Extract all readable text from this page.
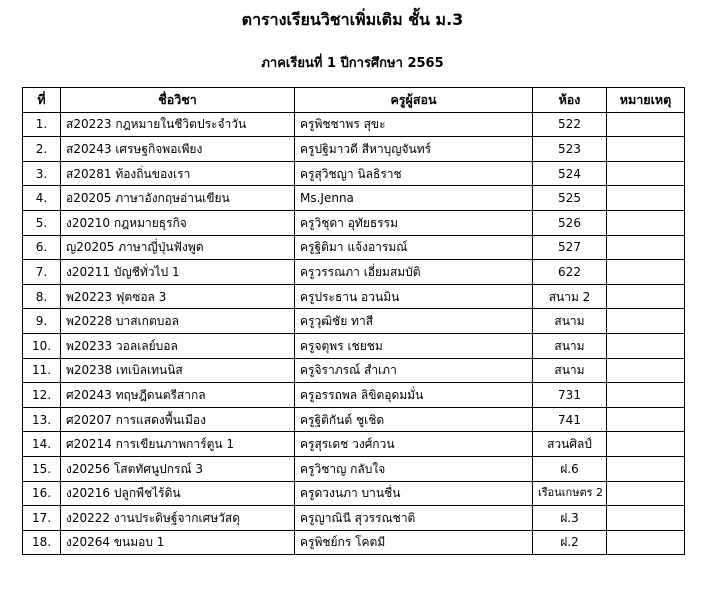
ตารางเรียนวิชาเพิ่มเติม ชั้น ม.3
ภาคเรียนที่ 1 ปีการศึกษา 2565
ที่	ชื่อวิชา	ครูผู้สอน	ห้อง	หมายเหตุ
1.	ส20223 กฎหมายในชีวิตประจำวัน	ครูพิชชาพร สุขะ	522	
2.	ส20243 เศรษฐกิจพอเพียง	ครูปฐิมาวดี สีหาบุญจันทร์	523	
3.	ส20281 ท้องถิ่นของเรา	ครูสุวิชญา นิลธิราช	524	
4.	อ20205 ภาษาอังกฤษอ่านเขียน	Ms.Jenna	525	
5.	ง20210 กฎหมายธุรกิจ	ครูวิชุดา อุทัยธรรม	526	
6.	ญ20205 ภาษาญี่ปุ่นฟังพูด	ครูฐิติมา แจ้งอารมณ์	527	
7.	ง20211 บัญชีทั่วไป 1	ครูวรรณภา เอี่ยมสมบัติ	622	
8.	พ20223 ฟุตซอล 3	ครูประธาน อวนมิน	สนาม 2	
9.	พ20228 บาสเกตบอล	ครูวุฒิชัย ทาสี	สนาม	
10.	พ20233 วอลเลย์บอล	ครูจตุพร เชยชม	สนาม	
11.	พ20238 เทเบิลเทนนิส	ครูจิราภรณ์ สำเภา	สนาม	
12.	ศ20243 ทฤษฎีดนตรีสากล	ครูอรรถพล ลิขิตอุดมมั่น	731	
13.	ศ20207 การแสดงพื้นเมือง	ครูฐิติกันต์ ชูเชิด	741	
14.	ศ20214 การเขียนภาพการ์ตูน 1	ครูสุรเดช วงศ์กวน	สวนศิลป์	
15.	ง20256 โสตทัศนูปกรณ์ 3	ครูวิชาญ กลับใจ	ฝ.6	
16.	ง20216 ปลูกพืชไร้ดิน	ครูดวงนภา บานชื่น	เรือนเกษตร 2	
17.	ง20222 งานประดิษฐ์จากเศษวัสดุ	ครูญาณินี สุวรรณชาติ	ฝ.3	
18.	ง20264 ขนมอบ 1	ครูพิชย์กร โคตมี	ฝ.2	
